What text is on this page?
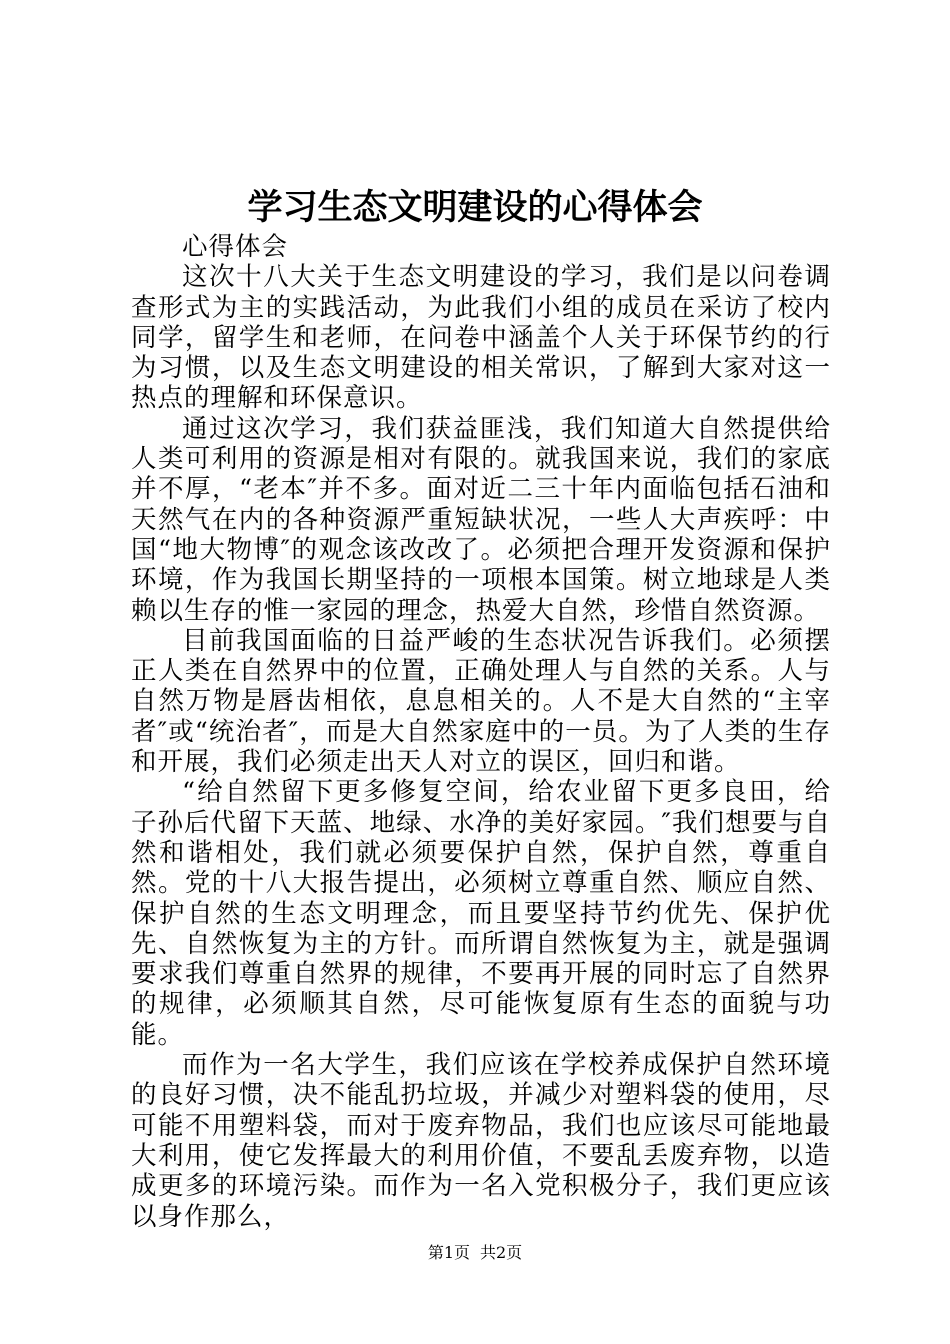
学习生态文明建设的心得体会

心得体会

这次十八大关于生态文明建设的学习，我们是以问卷调查形式为主的实践活动，为此我们小组的成员在采访了校内同学，留学生和老师，在问卷中涵盖个人关于环保节约的行为习惯，以及生态文明建设的相关常识，了解到大家对这一热点的理解和环保意识。

通过这次学习，我们获益匪浅，我们知道大自然提供给人类可利用的资源是相对有限的。就我国来说，我们的家底并不厚，“老本″并不多。面对近二三十年内面临包括石油和天然气在内的各种资源严重短缺状况，一些人大声疾呼：中国“地大物博″的观念该改改了。必须把合理开发资源和保护环境，作为我国长期坚持的一项根本国策。树立地球是人类赖以生存的惟一家园的理念，热爱大自然，珍惜自然资源。

目前我国面临的日益严峻的生态状况告诉我们。必须摆正人类在自然界中的位置，正确处理人与自然的关系。人与自然万物是唇齿相依，息息相关的。人不是大自然的“主宰者″或“统治者″，而是大自然家庭中的一员。为了人类的生存和开展，我们必须走出天人对立的误区，回归和谐。

“给自然留下更多修复空间，给农业留下更多良田，给子孙后代留下天蓝、地绿、水净的美好家园。″我们想要与自然和谐相处，我们就必须要保护自然，保护自然，尊重自然。党的十八大报告提出，必须树立尊重自然、顺应自然、保护自然的生态文明理念，而且要坚持节约优先、保护优先、自然恢复为主的方针。而所谓自然恢复为主，就是强调要求我们尊重自然界的规律，不要再开展的同时忘了自然界的规律，必须顺其自然，尽可能恢复原有生态的面貌与功能。

而作为一名大学生，我们应该在学校养成保护自然环境的良好习惯，决不能乱扔垃圾，并减少对塑料袋的使用，尽可能不用塑料袋，而对于废弃物品，我们也应该尽可能地最大利用，使它发挥最大的利用价值，不要乱丢废弃物，以造成更多的环境污染。而作为一名入党积极分子，我们更应该以身作那么，

第1页 共2页
